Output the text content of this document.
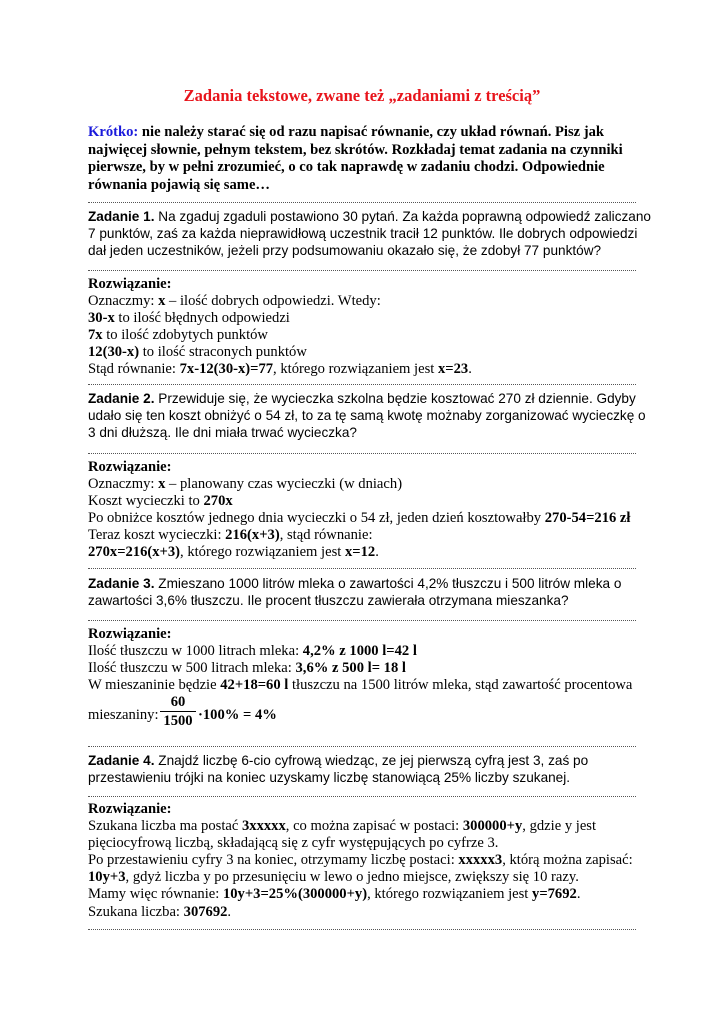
Zadania tekstowe, zwane też „zadaniami z treścią”
Krótko: nie należy starać się od razu napisać równanie, czy układ równań. Pisz jak najwięcej słownie, pełnym tekstem, bez skrótów. Rozkładaj temat zadania na czynniki pierwsze, by w pełni zrozumieć, o co tak naprawdę w zadaniu chodzi. Odpowiednie równania pojawią się same…
Zadanie 1. Na zgaduj zgaduli postawiono 30 pytań. Za każda poprawną odpowiedź zaliczano
7 punktów, zaś za każda nieprawidłową uczestnik tracił 12 punktów. Ile dobrych odpowiedzi
dał jeden uczestników, jeżeli przy podsumowaniu okazało się, że zdobył 77 punktów?
Rozwiązanie:
Oznaczmy: x – ilość dobrych odpowiedzi. Wtedy:
30-x to ilość błędnych odpowiedzi
7x to ilość zdobytych punktów
12(30-x) to ilość straconych punktów
Stąd równanie: 7x-12(30-x)=77, którego rozwiązaniem jest x=23.
Zadanie 2. Przewiduje się, że wycieczka szkolna będzie kosztować 270 zł dziennie. Gdyby
udało się ten koszt obniżyć o 54 zł, to za tę samą kwotę możnaby zorganizować wycieczkę o
3 dni dłuższą. Ile dni miała trwać wycieczka?
Rozwiązanie:
Oznaczmy: x – planowany czas wycieczki (w dniach)
Koszt wycieczki to 270x
Po obniżce kosztów jednego dnia wycieczki o 54 zł, jeden dzień kosztowałby 270-54=216 zł
Teraz koszt wycieczki: 216(x+3), stąd równanie:
270x=216(x+3), którego rozwiązaniem jest x=12.
Zadanie 3. Zmieszano 1000 litrów mleka o zawartości 4,2% tłuszczu i 500 litrów mleka o
zawartości 3,6% tłuszczu. Ile procent tłuszczu zawierała otrzymana mieszanka?
Rozwiązanie:
Ilość tłuszczu w 1000 litrach mleka: 4,2% z 1000 l=42 l
Ilość tłuszczu w 500 litrach mleka: 3,6% z 500 l= 18 l
W mieszaninie będzie 42+18=60 l tłuszczu na 1500 litrów mleka, stąd zawartość procentowa
mieszaniny: $\frac{60}{1500} \cdot 100\% = 4\%$
Zadanie 4. Znajdź liczbę 6-cio cyfrową wiedząc, ze jej pierwszą cyfrą jest 3, zaś po
przestawieniu trójki na koniec uzyskamy liczbę stanowiącą 25% liczby szukanej.
Rozwiązanie:
Szukana liczba ma postać 3xxxxx, co można zapisać w postaci: 300000+y, gdzie y jest
pięciocyfrową liczbą, składającą się z cyfr występujących po cyfrze 3.
Po przestawieniu cyfry 3 na koniec, otrzymamy liczbę postaci: xxxxx3, którą można zapisać:
10y+3, gdyż liczba y po przesunięciu w lewo o jedno miejsce, zwiększy się 10 razy.
Mamy więc równanie: 10y+3=25%(300000+y), którego rozwiązaniem jest y=7692.
Szukana liczba: 307692.
